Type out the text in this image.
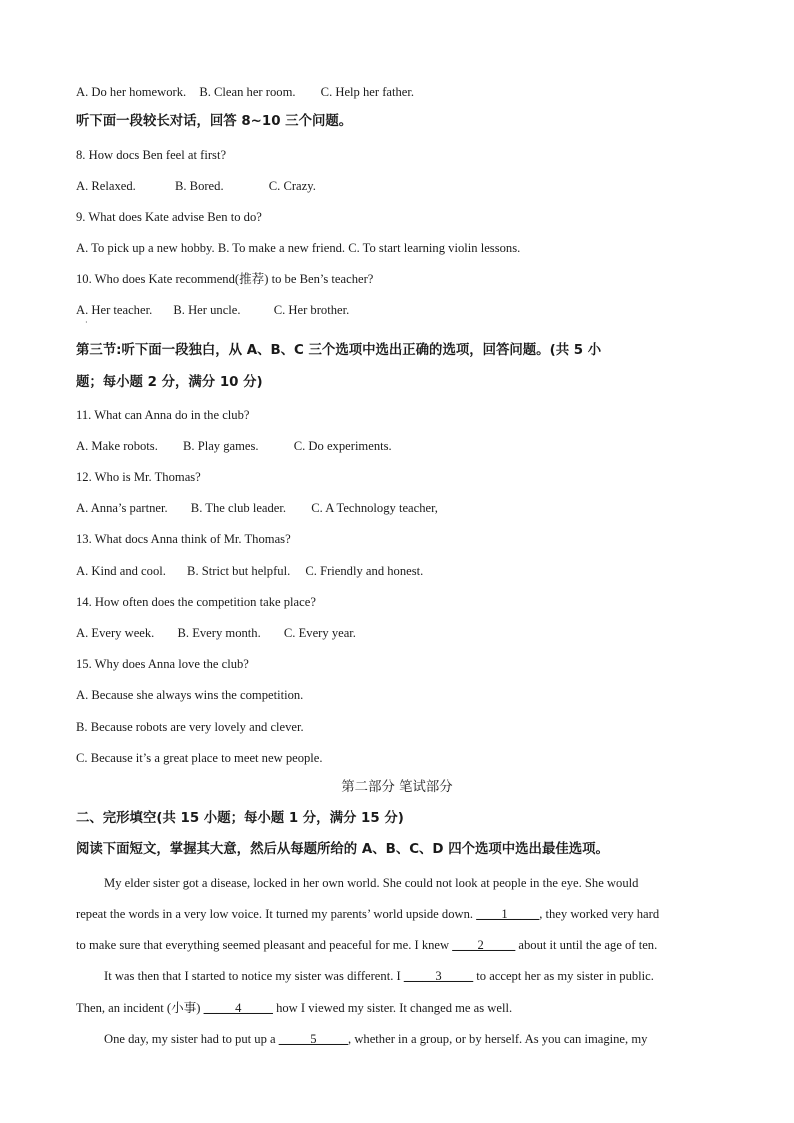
A. Do her homework. B. Clean her room. C. Help her father.
听下面一段较长对话，回答 8~10 三个问题。
8. How docs Ben feel at first?
A. Relaxed.	B. Bored.	C. Crazy.
9. What does Kate advise Ben to do?
A. To pick up a new hobby. B. To make a new friend. C. To start learning violin lessons.
10. Who does Kate recommend(推荐) to be Ben’s teacher?
A. Her teacher. B. Her uncle.	C. Her brother.
·
第三节:听下面一段独白，从 A、B、C 三个选项中选出正确的选项，回答问题。(共 5 小
题；每小题 2 分，满分 10 分)
11. What can Anna do in the club?
A. Make robots. B. Play games.	C. Do experiments.
12. Who is Mr. Thomas?
A. Anna’s partner. B. The club leader. C. A Technology teacher,
13. What docs Anna think of Mr. Thomas?
A. Kind and cool. B. Strict but helpful. C. Friendly and honest.
14. How often does the competition take place?
A. Every week. B. Every month. C. Every year.
15. Why does Anna love the club?
A. Because she always wins the competition.
B. Because robots are very lovely and clever.
C. Because it’s a great place to meet new people.
第二部分 笔试部分
二、完形填空(共 15 小题；每小题 1 分，满分 15 分)
阅读下面短文，掌握其大意，然后从每题所给的 A、B、C、D 四个选项中选出最佳选项。
My elder sister got a disease, locked in her own world. She could not look at people in the eye. She would
repeat the words in a very low voice. It turned my parents’ world upside down. ____1_____, they worked very hard
to make sure that everything seemed pleasant and peaceful for me. I knew ____2_____ about it until the age of ten.
It was then that I started to notice my sister was different. I _____3_____ to accept her as my sister in public.
Then, an incident (小事) _____4_____ how I viewed my sister. It changed me as well.
One day, my sister had to put up a _____5_____, whether in a group, or by herself. As you can imagine, my
